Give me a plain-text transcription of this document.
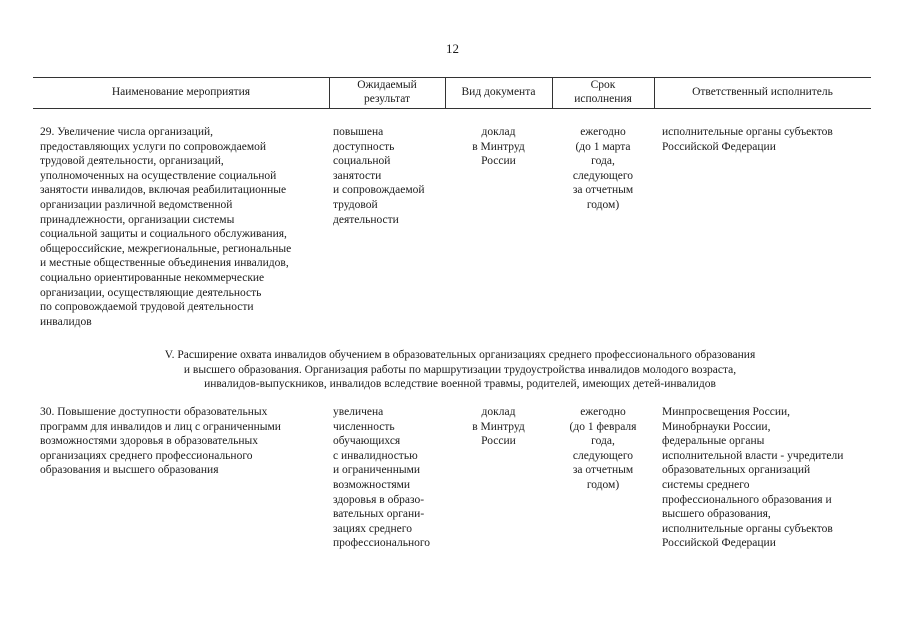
12
Наименование мероприятия
Ожидаемый
результат
Вид документа
Срок
исполнения
Ответственный исполнитель
29. Увеличение числа организаций,
предоставляющих услуги по сопровождаемой
трудовой деятельности, организаций,
уполномоченных на осуществление социальной
занятости инвалидов, включая реабилитационные
организации различной ведомственной
принадлежности, организации системы
социальной защиты и социального обслуживания,
общероссийские, межрегиональные, региональные
и местные общественные объединения инвалидов,
социально ориентированные некоммерческие
организации, осуществляющие деятельность
по сопровождаемой трудовой деятельности
инвалидов
повышена
доступность
социальной
занятости
и сопровождаемой
трудовой
деятельности
доклад
в Минтруд
России
ежегодно
(до 1 марта
года,
следующего
за отчетным
годом)
исполнительные органы субъектов
Российской Федерации
V. Расширение охвата инвалидов обучением в образовательных организациях среднего профессионального образования
и высшего образования. Организация работы по маршрутизации трудоустройства инвалидов молодого возраста,
инвалидов-выпускников, инвалидов вследствие военной травмы, родителей, имеющих детей-инвалидов
30. Повышение доступности образовательных
программ для инвалидов и лиц с ограниченными
возможностями здоровья в образовательных
организациях среднего профессионального
образования и высшего образования
увеличена
численность
обучающихся
с инвалидностью
и ограниченными
возможностями
здоровья в образо-
вательных органи-
зациях среднего
профессионального
доклад
в Минтруд
России
ежегодно
(до 1 февраля
года,
следующего
за отчетным
годом)
Минпросвещения России,
Минобрнауки России,
федеральные органы
исполнительной власти - учредители
образовательных организаций
системы среднего
профессионального образования и
высшего образования,
исполнительные органы субъектов
Российской Федерации
